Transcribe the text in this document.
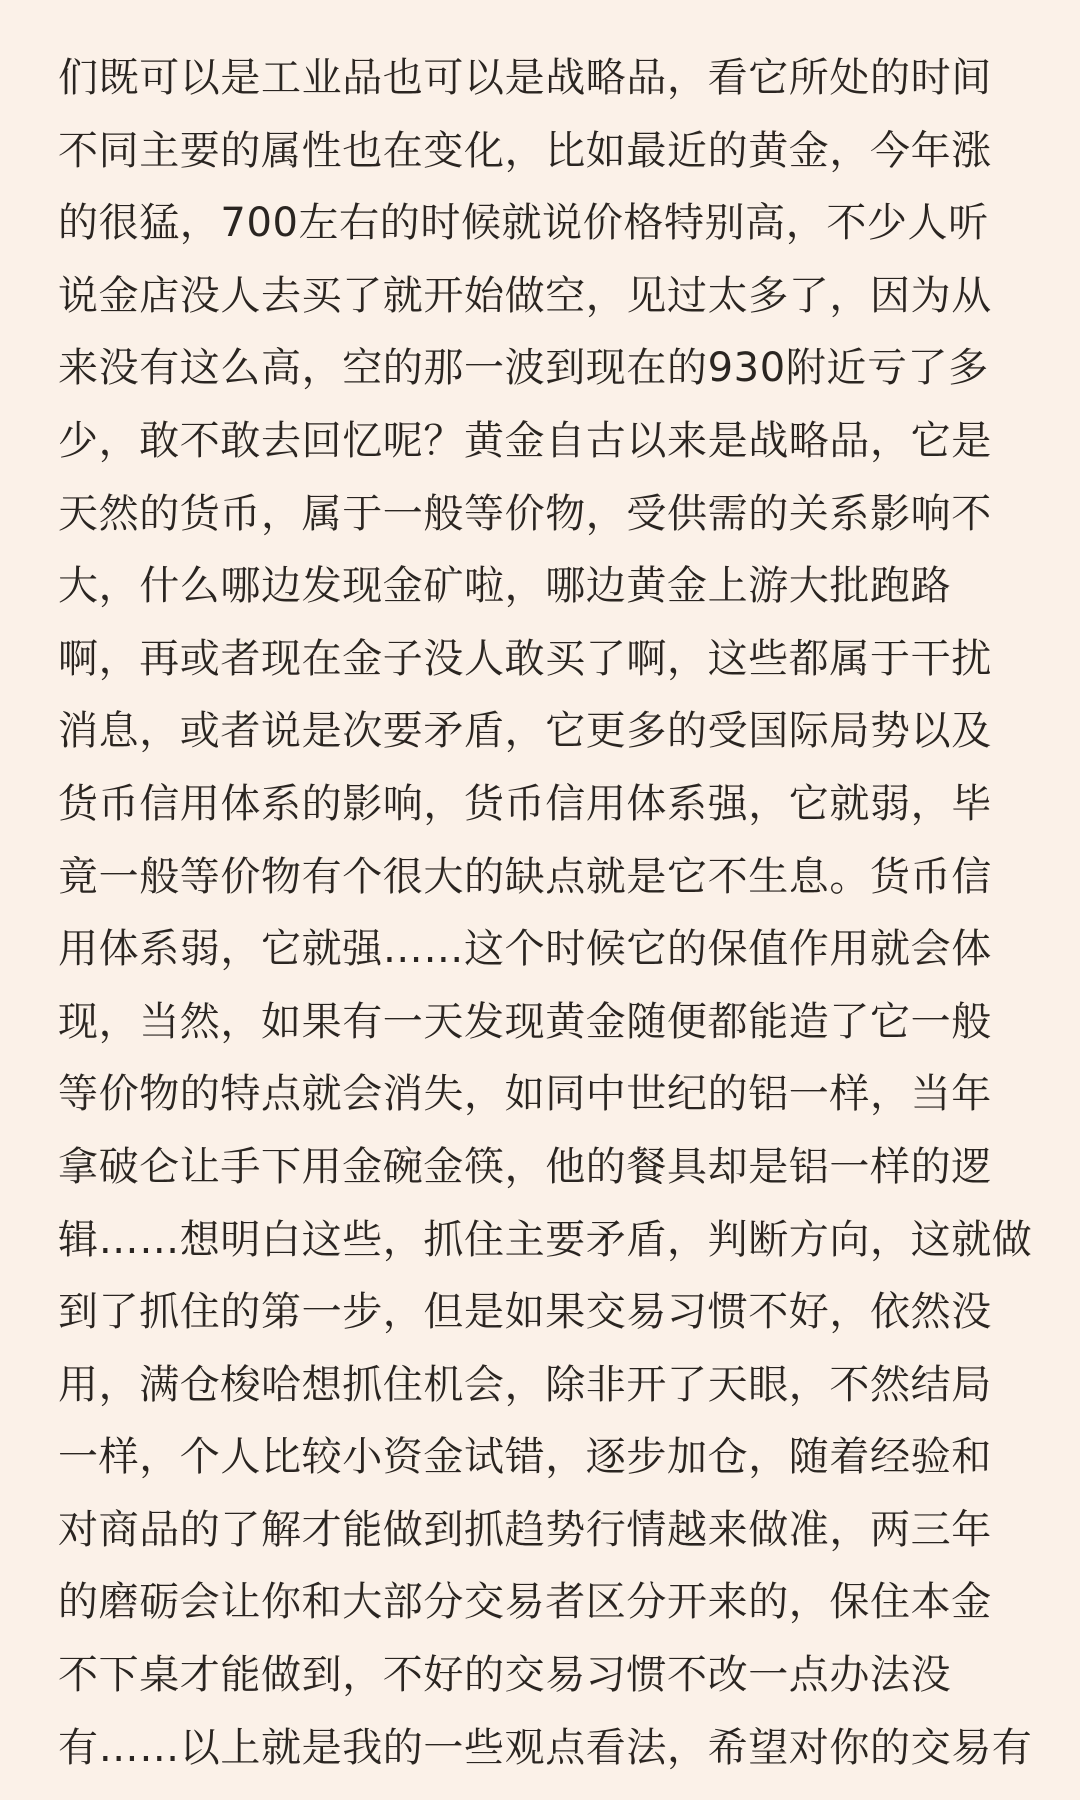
们既可以是工业品也可以是战略品，看它所处的时间
不同主要的属性也在变化，比如最近的黄金，今年涨
的很猛，700左右的时候就说价格特别高，不少人听
说金店没人去买了就开始做空，见过太多了，因为从
来没有这么高，空的那一波到现在的930附近亏了多
少，敢不敢去回忆呢？黄金自古以来是战略品，它是
天然的货币，属于一般等价物，受供需的关系影响不
大，什么哪边发现金矿啦，哪边黄金上游大批跑路
啊，再或者现在金子没人敢买了啊，这些都属于干扰
消息，或者说是次要矛盾，它更多的受国际局势以及
货币信用体系的影响，货币信用体系强，它就弱，毕
竟一般等价物有个很大的缺点就是它不生息。货币信
用体系弱，它就强……这个时候它的保值作用就会体
现，当然，如果有一天发现黄金随便都能造了它一般
等价物的特点就会消失，如同中世纪的铝一样，当年
拿破仑让手下用金碗金筷，他的餐具却是铝一样的逻
辑……想明白这些，抓住主要矛盾，判断方向，这就做
到了抓住的第一步，但是如果交易习惯不好，依然没
用，满仓梭哈想抓住机会，除非开了天眼，不然结局
一样，个人比较小资金试错，逐步加仓，随着经验和
对商品的了解才能做到抓趋势行情越来做准，两三年
的磨砺会让你和大部分交易者区分开来的，保住本金
不下桌才能做到，不好的交易习惯不改一点办法没
有……以上就是我的一些观点看法，希望对你的交易有
